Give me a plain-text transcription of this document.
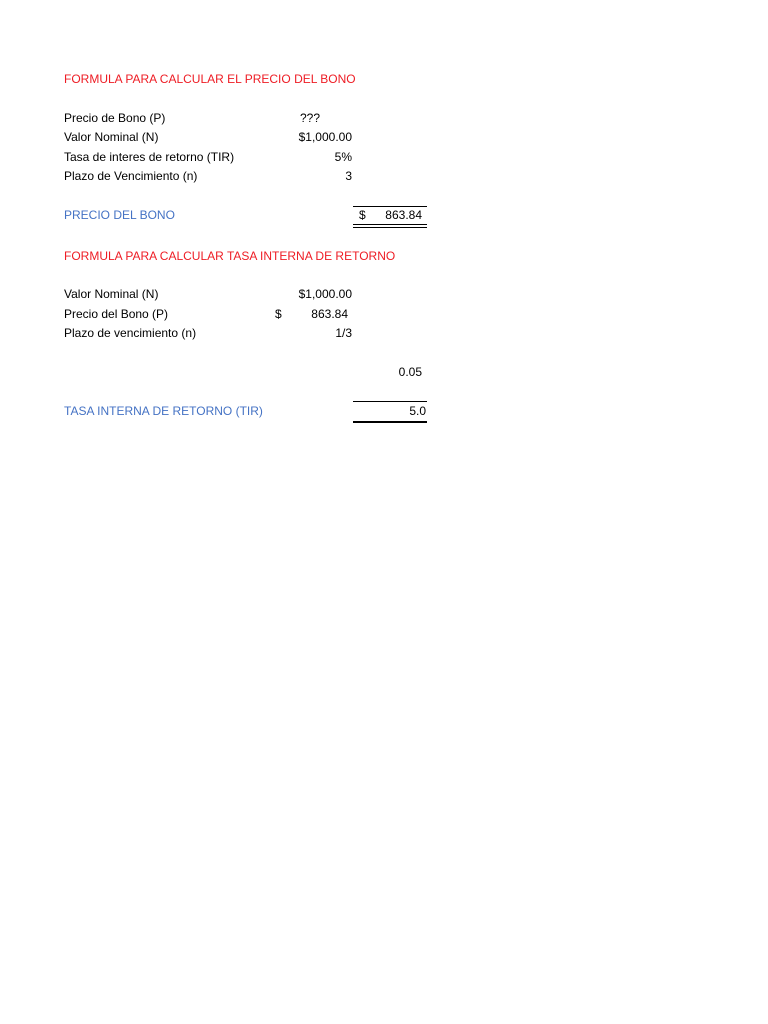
FORMULA PARA CALCULAR EL PRECIO DEL BONO
Precio de Bono (P)	???
Valor Nominal (N)	$1,000.00
Tasa de interes de retorno (TIR)	5%
Plazo de Vencimiento (n)	3
PRECIO DEL BONO	$	863.84
FORMULA PARA CALCULAR TASA INTERNA DE RETORNO
Valor Nominal (N)	$1,000.00
Precio del Bono (P)	$	863.84
Plazo de vencimiento (n)	1/3
0.05
TASA INTERNA DE RETORNO (TIR)	5.0
